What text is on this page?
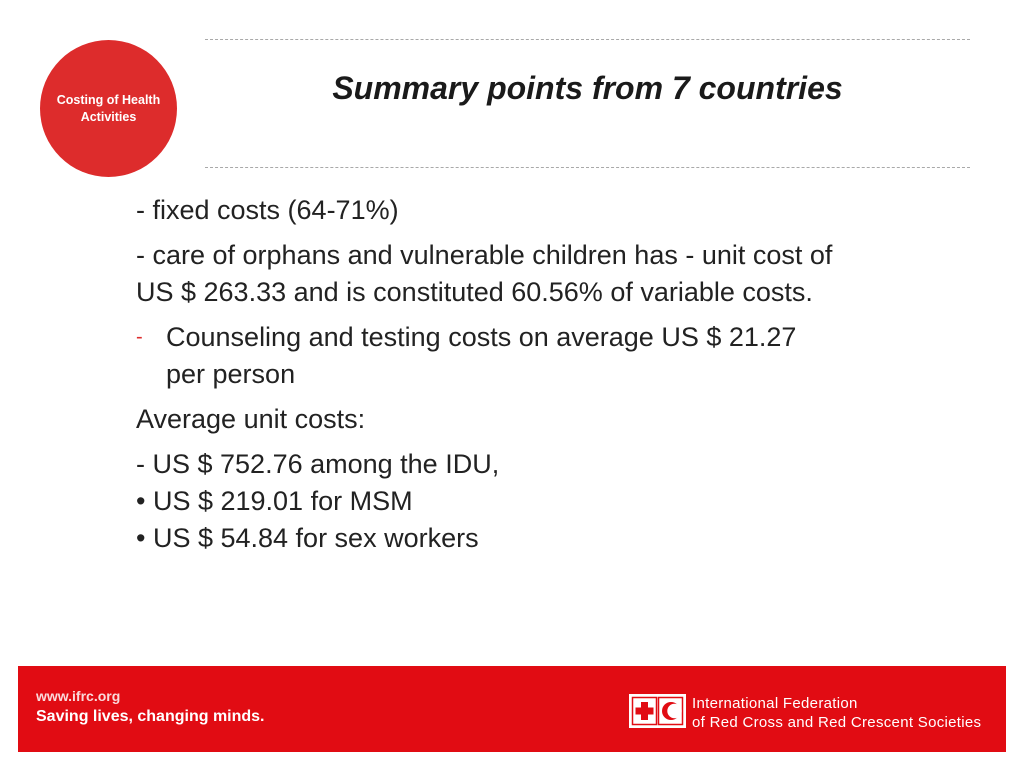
Costing of Health Activities
Summary points from 7 countries
- fixed costs (64-71%)
- care of orphans and vulnerable children has - unit cost of
US $ 263.33 and is constituted 60.56% of variable costs.
- Counseling and testing costs on average US $ 21.27
per person
Average unit costs:
- US $ 752.76 among the IDU,
• US $ 219.01 for MSM
• US $ 54.84 for sex workers
www.ifrc.org
Saving lives, changing minds.
International Federation
of Red Cross and Red Crescent Societies
